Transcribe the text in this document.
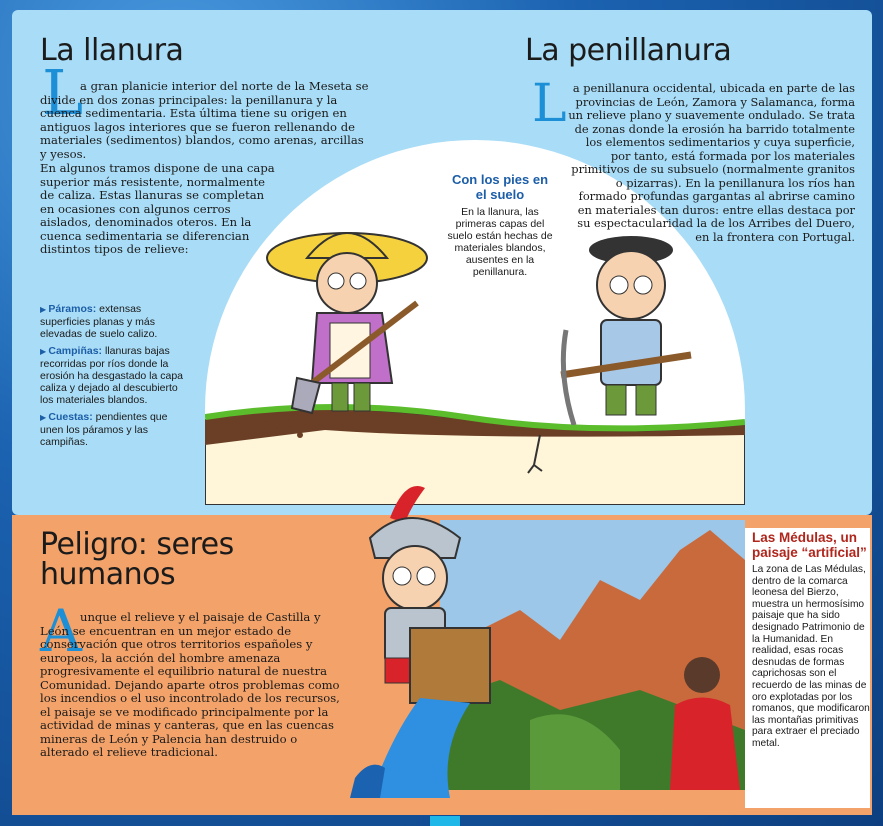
La llanura
L

a gran planicie interior del norte de la Meseta se divide en dos zonas principales: la penillanura y la cuenca sedimentaria. Esta última tiene su origen en antiguos lagos interiores que se fueron rellenando de materiales (sedimentos) blandos, como arenas, arcillas y yesos.

En algunos tramos dispone de una capa superior más resistente, normalmente de caliza. Estas llanuras se completan en ocasiones con algunos cerros aislados, denominados oteros. En la cuenca sedimentaria se diferencian distintos tipos de relieve:

▶ Páramos: extensas superficies planas y más elevadas de suelo calizo.
▶ Campiñas: llanuras bajas recorridas por ríos donde la erosión ha desgastado la capa caliza y dejado al descubierto los materiales blandos.
▶ Cuestas: pendientes que unen los páramos y las campiñas.
La penillanura
L a penillanura occidental, ubicada en parte de las provincias de León, Zamora y Salamanca, forma un relieve plano y suavemente ondulado. Se trata de zonas donde la erosión ha barrido totalmente los elementos sedimentarios y cuya superficie, por tanto, está formada por los materiales primitivos de su subsuelo (normalmente granitos o pizarras). En la penillanura los ríos han formado profundas gargantas al abrirse camino en materiales tan duros: entre ellas destaca por su espectacularidad la de los Arribes del Duero, en la frontera con Portugal.

Con los pies en el suelo

En la llanura, las primeras capas del suelo están hechas de materiales blandos, ausentes en la penillanura.

Peligro: seres humanos
A

unque el relieve y el paisaje de Castilla y León se encuentran en un mejor estado de conservación que otros territorios españoles y europeos, la acción del hombre amenaza progresivamente el equilibrio natural de nuestra Comunidad. Dejando aparte otros problemas como los incendios o el uso incontrolado de los recursos, el paisaje se ve modificado principalmente por la actividad de minas y canteras, que en las cuencas mineras de León y Palencia han destruido o alterado el relieve tradicional.

Las Médulas, un paisaje “artificial”

La zona de Las Médulas, dentro de la comarca leonesa del Bierzo, muestra un hermosísimo paisaje que ha sido designado Patrimonio de la Humanidad. En realidad, esas rocas desnudas de formas caprichosas son el recuerdo de las minas de oro explotadas por los romanos, que modificaron las montañas primitivas para extraer el preciado metal.
